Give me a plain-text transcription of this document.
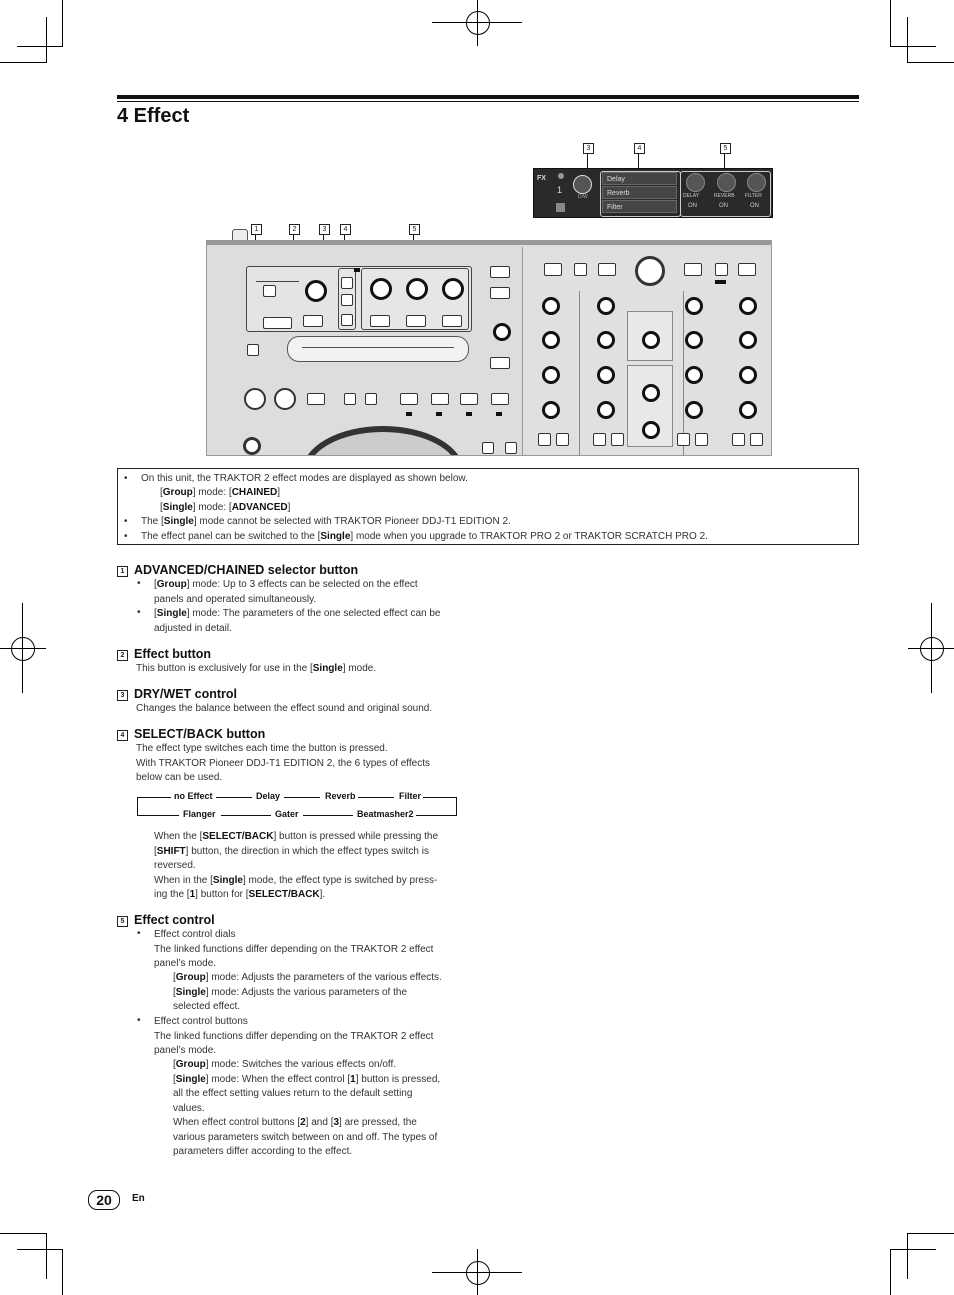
4 Effect
3	4	5
FX
1
D/W
Delay
Reverb
Filter
DELAY	REVERB FILTER
ON	ON	ON
1	2	3	4	5
• On this unit, the TRAKTOR 2 effect modes are displayed as shown below.
[Group] mode: [CHAINED]
[Single] mode: [ADVANCED]
• The [Single] mode cannot be selected with TRAKTOR Pioneer DDJ-T1 EDITION 2.
• The effect panel can be switched to the [Single] mode when you upgrade to TRAKTOR PRO 2 or TRAKTOR SCRATCH PRO 2.
1 ADVANCED/CHAINED selector button
• [Group] mode: Up to 3 effects can be selected on the effect
panels and operated simultaneously.
• [Single] mode: The parameters of the one selected effect can be
adjusted in detail.
2 Effect button
This button is exclusively for use in the [Single] mode.
3 DRY/WET control
Changes the balance between the effect sound and original sound.
4 SELECT/BACK button
The effect type switches each time the button is pressed.
With TRAKTOR Pioneer DDJ-T1 EDITION 2, the 6 types of effects
below can be used.
no Effect	Delay	Reverb	Filter
Beatmasher2
Gater
Flanger
When the [SELECT/BACK] button is pressed while pressing the
[SHIFT] button, the direction in which the effect types switch is
reversed.
When in the [Single] mode, the effect type is switched by press-
ing the [1] button for [SELECT/BACK].
5 Effect control
• Effect control dials
The linked functions differ depending on the TRAKTOR 2 effect
panel’s mode.
[Group] mode: Adjusts the parameters of the various effects.
[Single] mode: Adjusts the various parameters of the
selected effect.
• Effect control buttons
The linked functions differ depending on the TRAKTOR 2 effect
panel’s mode.
[Group] mode: Switches the various effects on/off.
[Single] mode: When the effect control [1] button is pressed,
all the effect setting values return to the default setting
values.
When effect control buttons [2] and [3] are pressed, the
various parameters switch between on and off. The types of
parameters differ according to the effect.
20	En
